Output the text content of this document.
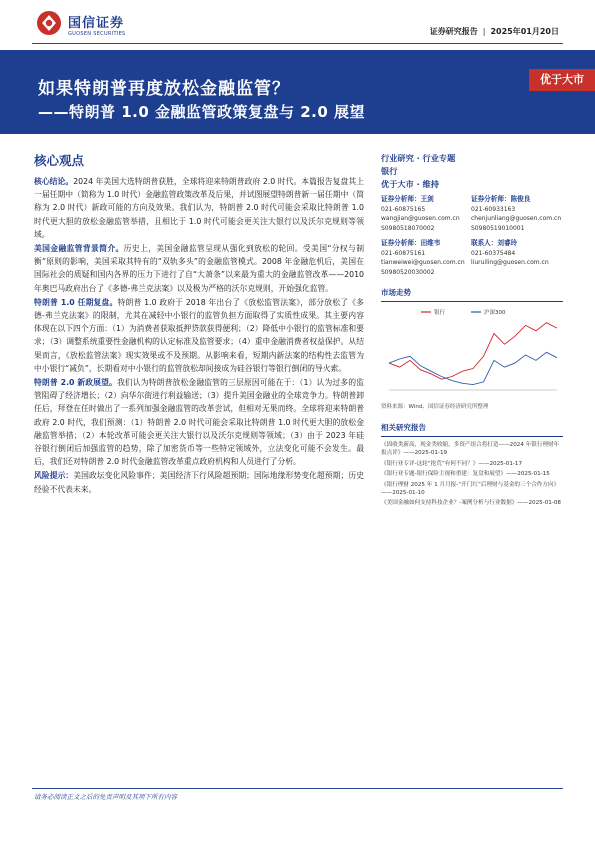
国信证券
GUOSEN SECURITIES	证券研究报告 | 2025年01月20日
如果特朗普再度放松金融监管？
——特朗普 1.0 金融监管政策复盘与 2.0 展望
优于大市
核心观点

核心结论。2024 年美国大选特朗普获胜，全球将迎来特朗普政府 2.0 时代。本篇报告复盘其上一届任期中（简称为 1.0 时代）金融监管政策改革及后果，并试图展望特朗普新一届任期中（简称为 2.0 时代）新政可能的方向及效果。我们认为，特朗普 2.0 时代可能会采取比特朗普 1.0 时代更大胆的放松金融监管举措，且相比于 1.0 时代可能会更关注大银行以及沃尔克规则等领域。

美国金融监管背景简介。历史上，美国金融监管呈现从强化到放松的轮回。受美国“分权与制衡”原则的影响，美国采取其特有的“双轨多头”的金融监管模式。2008 年金融危机后，美国在国际社会的质疑和国内各界的压力下进行了自“大萧条”以来最为重大的金融监管改革——2010 年奥巴马政府出台了《多德-弗兰克法案》以及极为严格的沃尔克规则，开始强化监管。

特朗普 1.0 任期复盘。特朗普 1.0 政府于 2018 年出台了《放松监管法案》，部分放松了《多德-弗兰克法案》的限制，尤其在减轻中小银行的监管负担方面取得了实质性成果。其主要内容体现在以下四个方面：（1）为消费者获取抵押贷款获得便利；（2）降低中小银行的监管标准和要求；（3）调整系统重要性金融机构的认定标准及监管要求；（4）重申金融消费者权益保护。从结果而言，《放松监管法案》现实效果或不及预期。从影响来看，短期内新法案的结构性去监管为中小银行“减负”，长期看对中小银行的监管放松却间接成为硅谷银行等银行倒闭的导火索。

特朗普 2.0 新政展望。我们认为特朗普放松金融监管的三层原因可能在于：（1）认为过多的监管阻碍了经济增长；（2）向华尔街进行利益输送；（3）提升美国金融业的全球竞争力。特朗普卸任后，拜登在任时做出了一系列加强金融监管的改革尝试，但相对无果而终。全球将迎来特朗普政府 2.0 时代，我们预测：（1）特朗普 2.0 时代可能会采取比特朗普 1.0 时代更大胆的放松金融监管举措；（2）本轮改革可能会更关注大银行以及沃尔克规则等领域；（3）由于 2023 年硅谷银行倒闭后加强监管的趋势，除了加密货币等一些特定领域外，立法变化可能不会发生。最后，我们还对特朗普 2.0 时代金融监管改革重点政府机构和人员进行了分析。

风险提示：美国政坛变化风险事件；美国经济下行风险超预期；国际地缘形势变化超预期；历史经验不代表未来。

行业研究 · 行业专题
银行
优于大市 · 维持
证券分析师：王剑
021-60875165
wangjian@guosen.com.cn
S0980518070002
证券分析师：陈俊良
021-60933163
chenjunliang@guosen.com.cn
S0980519010001
证券分析师：田维韦
021-60875161
tianweiwei@guosen.com.cn
S0980520030002
联系人：刘睿玲
021-60375484
liuruiling@guosen.com.cn
市场走势
银行	沪深300
资料来源：Wind、国信证券经济研究所整理
相关研究报告
《固收类新高，现金类收缩，多资产组合将打造——2024 年银行理财年报点评》——2025-01-19
《银行业专评-这轮“抢荒”有何不同？》——2025-01-17
《银行业专题-银行保险主视和重建：复盘和展望》——2025-01-15
《银行理财 2025 年 1 月月报-“开门红”后理财与基金的三个合作方向》——2025-01-10
《美国金融如何支持科技企业？-案例分析与行业数据》——2025-01-08
请务必阅读正文之后的免责声明及其项下所有内容
